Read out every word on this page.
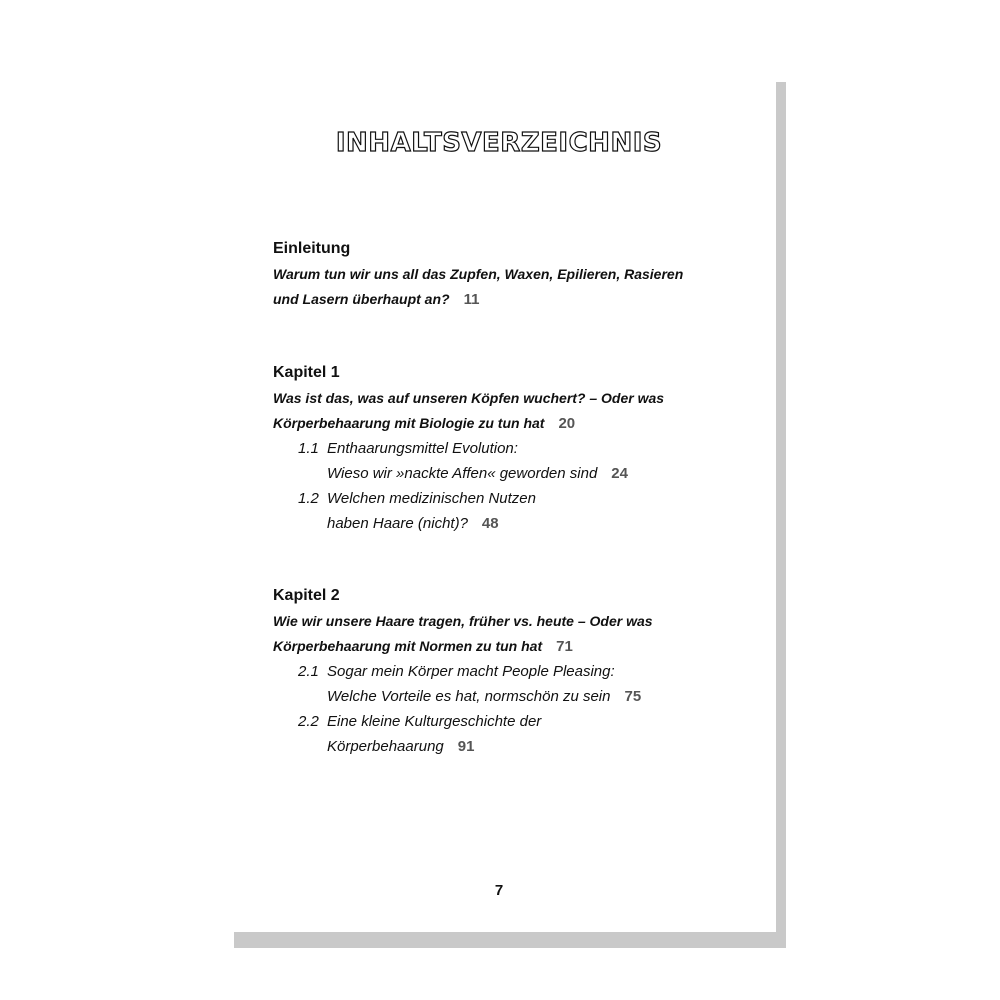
INHALTSVERZEICHNIS
Einleitung
Warum tun wir uns all das Zupfen, Waxen, Epilieren, Rasieren
und Lasern überhaupt an? 11
Kapitel 1
Was ist das, was auf unseren Köpfen wuchert? – Oder was
Körperbehaarung mit Biologie zu tun hat 20
1.1 Enthaarungsmittel Evolution:
Wieso wir »nackte Affen« geworden sind 24
1.2 Welchen medizinischen Nutzen
haben Haare (nicht)? 48
Kapitel 2
Wie wir unsere Haare tragen, früher vs. heute – Oder was
Körperbehaarung mit Normen zu tun hat 71
2.1 Sogar mein Körper macht People Pleasing:
Welche Vorteile es hat, normschön zu sein 75
2.2 Eine kleine Kulturgeschichte der
Körperbehaarung 91
7
